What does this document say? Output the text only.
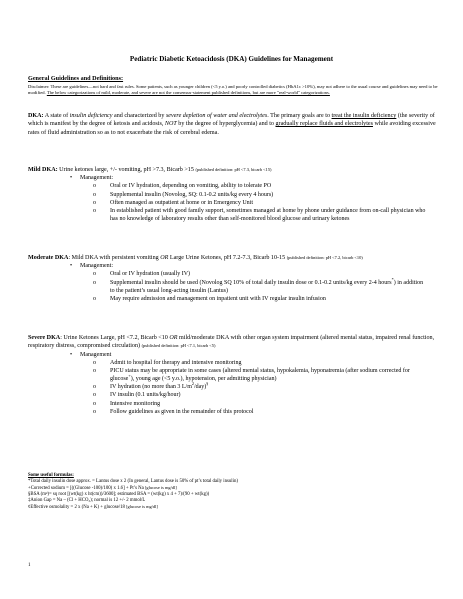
Pediatric Diabetic Ketoacidosis (DKA) Guidelines for Management
General Guidelines and Definitions:
Disclaimer: These are guidelines—not hard and fast rules. Some patients, such as younger children (<5 y.o.) and poorly controlled diabetics (HbA1c >10%), may not adhere to the usual course and guidelines may need to be modified. The below categorizations of mild, moderate, and severe are not the consensus-statement published definitions, but are more "real-world" categorizations.
DKA: A state of insulin deficiency and characterized by severe depletion of water and electrolytes. The primary goals are to treat the insulin deficiency (the severity of which is manifest by the degree of ketosis and acidosis, NOT by the degree of hyperglycemia) and to gradually replace fluids and electrolytes while avoiding excessive rates of fluid administration so as to not exacerbate the risk of cerebral edema.
Mild DKA: Urine ketones large, +/- vomiting, pH >7.3, Bicarb >15 (published definition: pH <7.3, bicarb <15)
• Management:
o Oral or IV hydration, depending on vomiting, ability to tolerate PO
o Supplemental insulin (Novolog, SQ: 0.1-0.2 units/kg every 4 hours)
o Often managed as outpatient at home or in Emergency Unit
o In established patient with good family support, sometimes managed at home by phone under guidance from on-call physician who has no knowledge of laboratory results other than self-monitored blood glucose and urinary ketones
Moderate DKA: Mild DKA with persistent vomiting OR Large Urine Ketones, pH 7.2-7.3, Bicarb 10-15 (published definition: pH <7.2, bicarb <10)
• Management:
o Oral or IV hydration (usually IV)
o Supplemental insulin should be used (Novolog SQ 10% of total daily insulin dose or 0.1-0.2 units/kg every 2-4 hours*) in addition to the patient’s usual long-acting insulin (Lantus)
o May require admission and management on inpatient unit with IV regular insulin infusion
Severe DKA: Urine Ketones Large, pH <7.2, Bicarb <10 OR mild/moderate DKA with other organ system impairment (altered mental status, impaired renal function, respiratory distress, compromised circulation) (published definition: pH <7.1, bicarb <5)
• Management
o Admit to hospital for therapy and intensive monitoring
o PICU status may be appropriate in some cases (altered mental status, hypokalemia, hyponatremia (after sodium corrected for glucose+), young age (<5 y.o.), hypotension, per admitting physician)
o IV hydration (no more than 3 $L/m^2/day)^\S$
o IV insulin (0.1 units/kg/hour)
o Intensive monitoring
o Follow guidelines as given in the remainder of this protocol
Some useful formulas:
*Total daily insulin dose approx. = Lantus dose x 2 (In general, Lantus dose is 50% of pt’s total daily insulin)
+Corrected sodium = [((Glucose -100)/100) x 1.6] + Pt’s Na [glucose is mg/dl]
§BSA (m²)= sq root [(wt(kg) x ht(cm))/3600]; estimated BSA = (wt(kg) x 4 + 7)/(90 + wt(kg))
‡Anion Gap = Na – (Cl + HCO₃); normal is 12 +/- 2 mmol/L
¢Effective osmolality = 2 x (Na + K) + glucose/18 [glucose is mg/dl]
1
